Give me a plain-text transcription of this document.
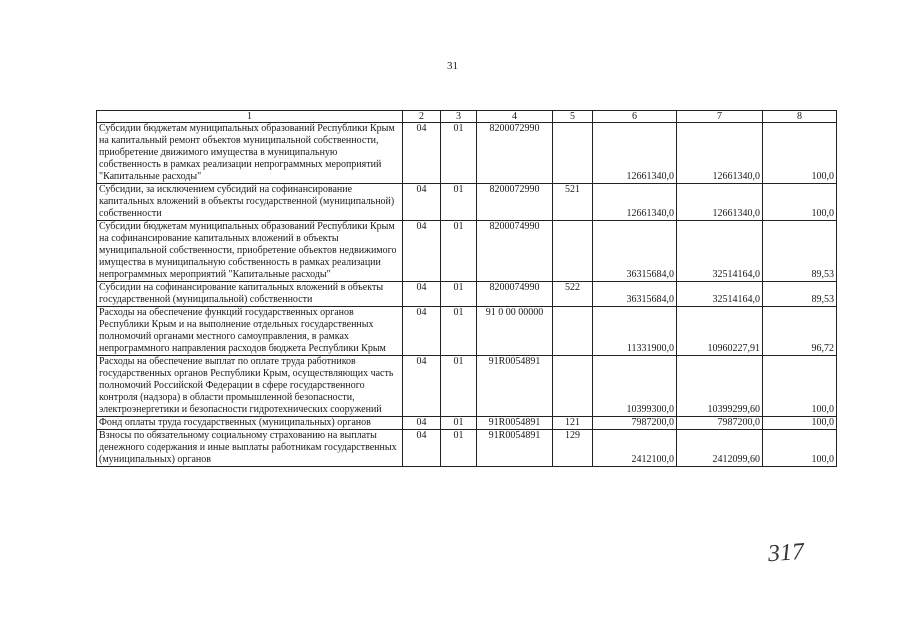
31
1	2	3	4	5	6	7	8
Субсидии бюджетам муниципальных образований Республики Крым на капитальный ремонт объектов муниципальной собственности, приобретение движимого имущества в муниципальную собственность в рамках реализации непрограммных мероприятий "Капитальные расходы"	04	01	8200072990		12661340,0	12661340,0	100,0
Субсидии, за исключением субсидий на софинансирование капитальных вложений в объекты государственной (муниципальной) собственности	04	01	8200072990	521	12661340,0	12661340,0	100,0
Субсидии бюджетам муниципальных образований Республики Крым на софинансирование капитальных вложений в объекты муниципальной собственности, приобретение объектов недвижимого имущества в муниципальную собственность в рамках реализации непрограммных мероприятий "Капитальные расходы"	04	01	8200074990		36315684,0	32514164,0	89,53
Субсидии на софинансирование капитальных вложений в объекты государственной (муниципальной) собственности	04	01	8200074990	522	36315684,0	32514164,0	89,53
Расходы на обеспечение функций государственных органов Республики Крым и на выполнение отдельных государственных полномочий органами местного самоуправления, в рамках непрограммного направления расходов бюджета Республики Крым	04	01	91 0 00 00000		11331900,0	10960227,91	96,72
Расходы на обеспечение выплат по оплате труда работников государственных органов Республики Крым, осуществляющих часть полномочий Российской Федерации в сфере государственного контроля (надзора) в области промышленной безопасности, электроэнергетики и безопасности гидротехнических сооружений	04	01	91R0054891		10399300,0	10399299,60	100,0
Фонд оплаты труда государственных (муниципальных) органов	04	01	91R0054891	121	7987200,0	7987200,0	100,0
Взносы по обязательному социальному страхованию на выплаты денежного содержания и иные выплаты работникам государственных (муниципальных) органов	04	01	91R0054891	129	2412100,0	2412099,60	100,0
317
